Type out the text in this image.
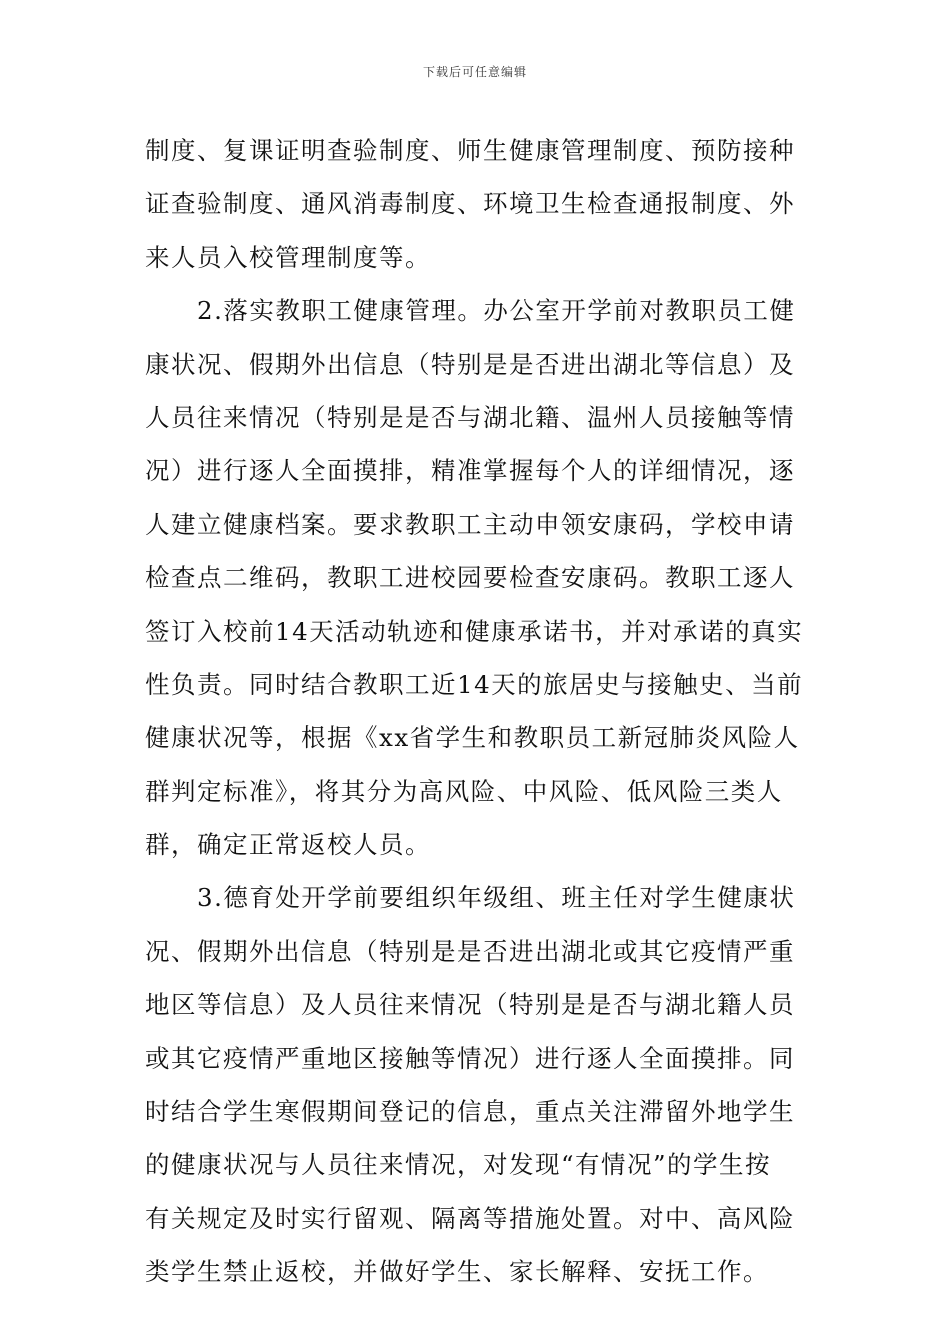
下载后可任意编辑
制度、复课证明查验制度、师生健康管理制度、预防接种
证查验制度、通风消毒制度、环境卫生检查通报制度、外
来人员入校管理制度等。
2.落实教职工健康管理。办公室开学前对教职员工健
康状况、假期外出信息（特别是是否进出湖北等信息）及
人员往来情况（特别是是否与湖北籍、温州人员接触等情
况）进行逐人全面摸排，精准掌握每个人的详细情况，逐
人建立健康档案。要求教职工主动申领安康码，学校申请
检查点二维码，教职工进校园要检查安康码。教职工逐人
签订入校前14天活动轨迹和健康承诺书，并对承诺的真实
性负责。同时结合教职工近14天的旅居史与接触史、当前
健康状况等，根据《xx省学生和教职员工新冠肺炎风险人
群判定标准》，将其分为高风险、中风险、低风险三类人
群，确定正常返校人员。
3.德育处开学前要组织年级组、班主任对学生健康状
况、假期外出信息（特别是是否进出湖北或其它疫情严重
地区等信息）及人员往来情况（特别是是否与湖北籍人员
或其它疫情严重地区接触等情况）进行逐人全面摸排。同
时结合学生寒假期间登记的信息，重点关注滞留外地学生
的健康状况与人员往来情况，对发现“有情况”的学生按
有关规定及时实行留观、隔离等措施处置。对中、高风险
类学生禁止返校，并做好学生、家长解释、安抚工作。
